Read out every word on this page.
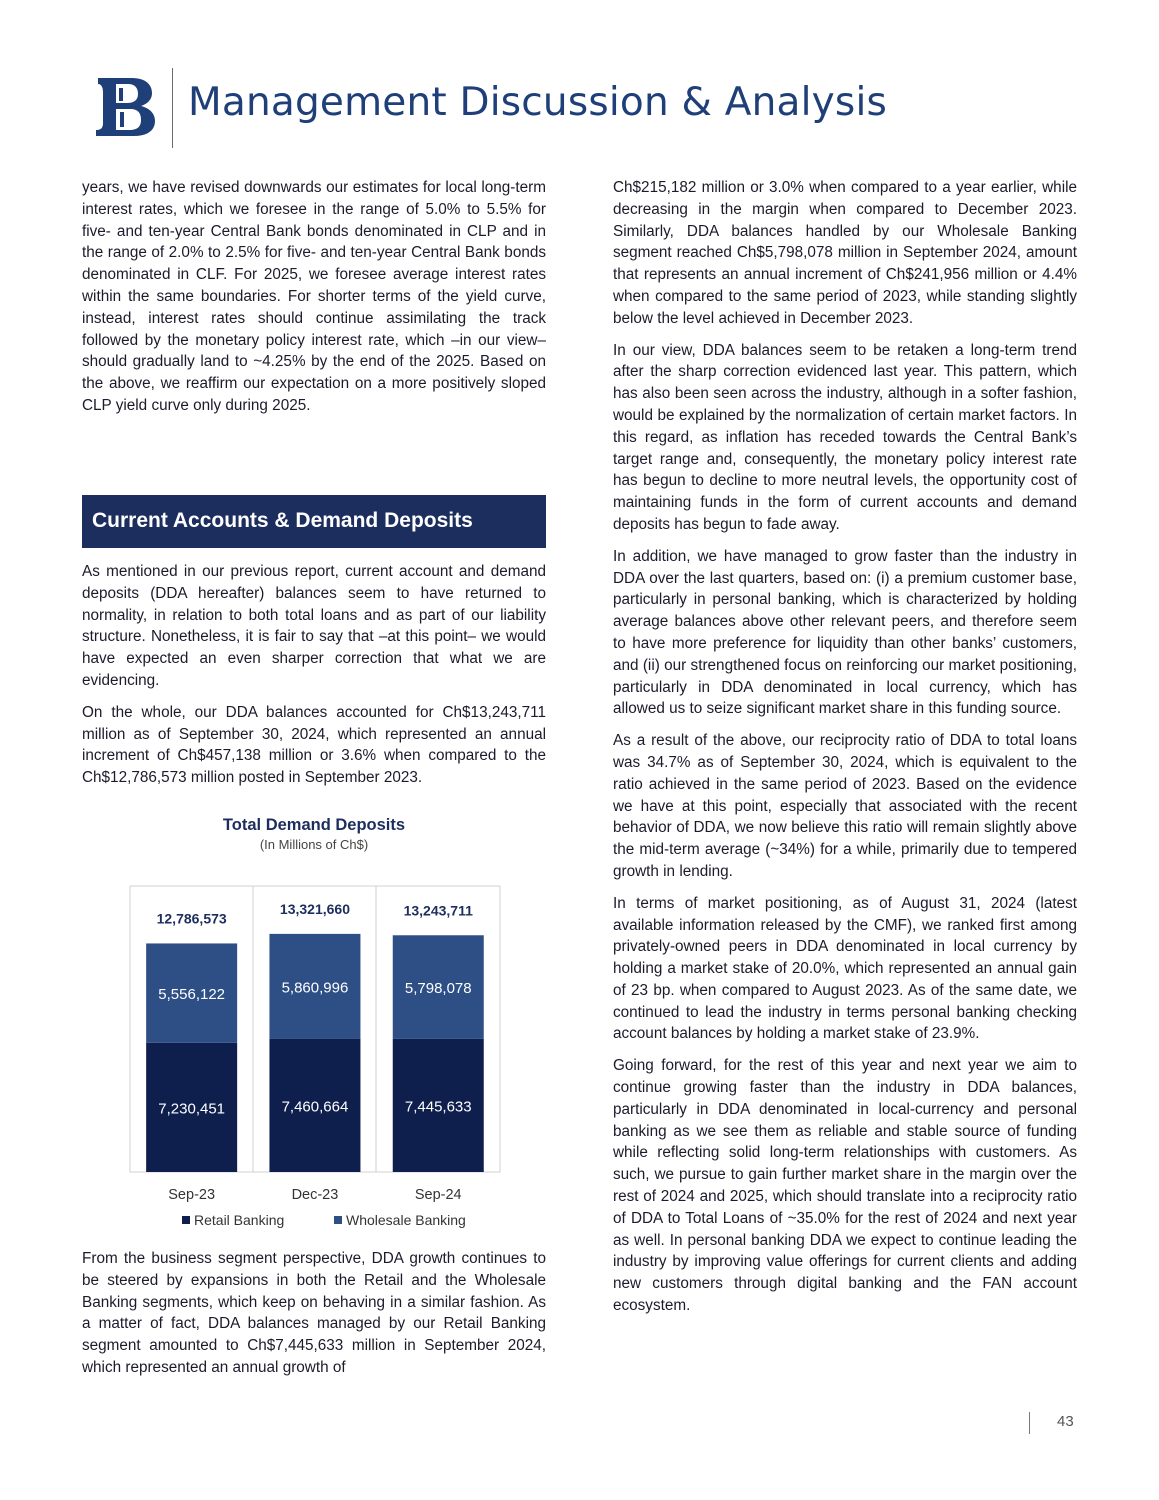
Management Discussion & Analysis

years, we have revised downwards our estimates for local long-term interest rates, which we foresee in the range of 5.0% to 5.5% for five- and ten-year Central Bank bonds denominated in CLP and in the range of 2.0% to 2.5% for five- and ten-year Central Bank bonds denominated in CLF. For 2025, we foresee average interest rates within the same boundaries. For shorter terms of the yield curve, instead, interest rates should continue assimilating the track followed by the monetary policy interest rate, which –in our view– should gradually land to ~4.25% by the end of the 2025. Based on the above, we reaffirm our expectation on a more positively sloped CLP yield curve only during 2025.

Current Accounts & Demand Deposits

As mentioned in our previous report, current account and demand deposits (DDA hereafter) balances seem to have returned to normality, in relation to both total loans and as part of our liability structure. Nonetheless, it is fair to say that –at this point– we would have expected an even sharper correction that what we are evidencing.

On the whole, our DDA balances accounted for Ch$13,243,711 million as of September 30, 2024, which represented an annual increment of Ch$457,138 million or 3.6% when compared to the Ch$12,786,573 million posted in September 2023.

Total Demand Deposits
(In Millions of Ch$)
7,230,451
5,556,122
12,786,573
Sep-23
7,460,664
5,860,996
13,321,660
Dec-23
7,445,633
5,798,078
13,243,711
Sep-24
Retail Banking	Wholesale Banking

From the business segment perspective, DDA growth continues to be steered by expansions in both the Retail and the Wholesale Banking segments, which keep on behaving in a similar fashion. As a matter of fact, DDA balances managed by our Retail Banking segment amounted to Ch$7,445,633 million in September 2024, which represented an annual growth of

Ch$215,182 million or 3.0% when compared to a year earlier, while decreasing in the margin when compared to December 2023. Similarly, DDA balances handled by our Wholesale Banking segment reached Ch$5,798,078 million in September 2024, amount that represents an annual increment of Ch$241,956 million or 4.4% when compared to the same period of 2023, while standing slightly below the level achieved in December 2023.

In our view, DDA balances seem to be retaken a long-term trend after the sharp correction evidenced last year. This pattern, which has also been seen across the industry, although in a softer fashion, would be explained by the normalization of certain market factors. In this regard, as inflation has receded towards the Central Bank’s target range and, consequently, the monetary policy interest rate has begun to decline to more neutral levels, the opportunity cost of maintaining funds in the form of current accounts and demand deposits has begun to fade away.

In addition, we have managed to grow faster than the industry in DDA over the last quarters, based on: (i) a premium customer base, particularly in personal banking, which is characterized by holding average balances above other relevant peers, and therefore seem to have more preference for liquidity than other banks’ customers, and (ii) our strengthened focus on reinforcing our market positioning, particularly in DDA denominated in local currency, which has allowed us to seize significant market share in this funding source.

As a result of the above, our reciprocity ratio of DDA to total loans was 34.7% as of September 30, 2024, which is equivalent to the ratio achieved in the same period of 2023. Based on the evidence we have at this point, especially that associated with the recent behavior of DDA, we now believe this ratio will remain slightly above the mid-term average (~34%) for a while, primarily due to tempered growth in lending.

In terms of market positioning, as of August 31, 2024 (latest available information released by the CMF), we ranked first among privately-owned peers in DDA denominated in local currency by holding a market stake of 20.0%, which represented an annual gain of 23 bp. when compared to August 2023. As of the same date, we continued to lead the industry in terms personal banking checking account balances by holding a market stake of 23.9%.

Going forward, for the rest of this year and next year we aim to continue growing faster than the industry in DDA balances, particularly in DDA denominated in local-currency and personal banking as we see them as reliable and stable source of funding while reflecting solid long-term relationships with customers. As such, we pursue to gain further market share in the margin over the rest of 2024 and 2025, which should translate into a reciprocity ratio of DDA to Total Loans of ~35.0% for the rest of 2024 and next year as well. In personal banking DDA we expect to continue leading the industry by improving value offerings for current clients and adding new customers through digital banking and the FAN account ecosystem.

43
